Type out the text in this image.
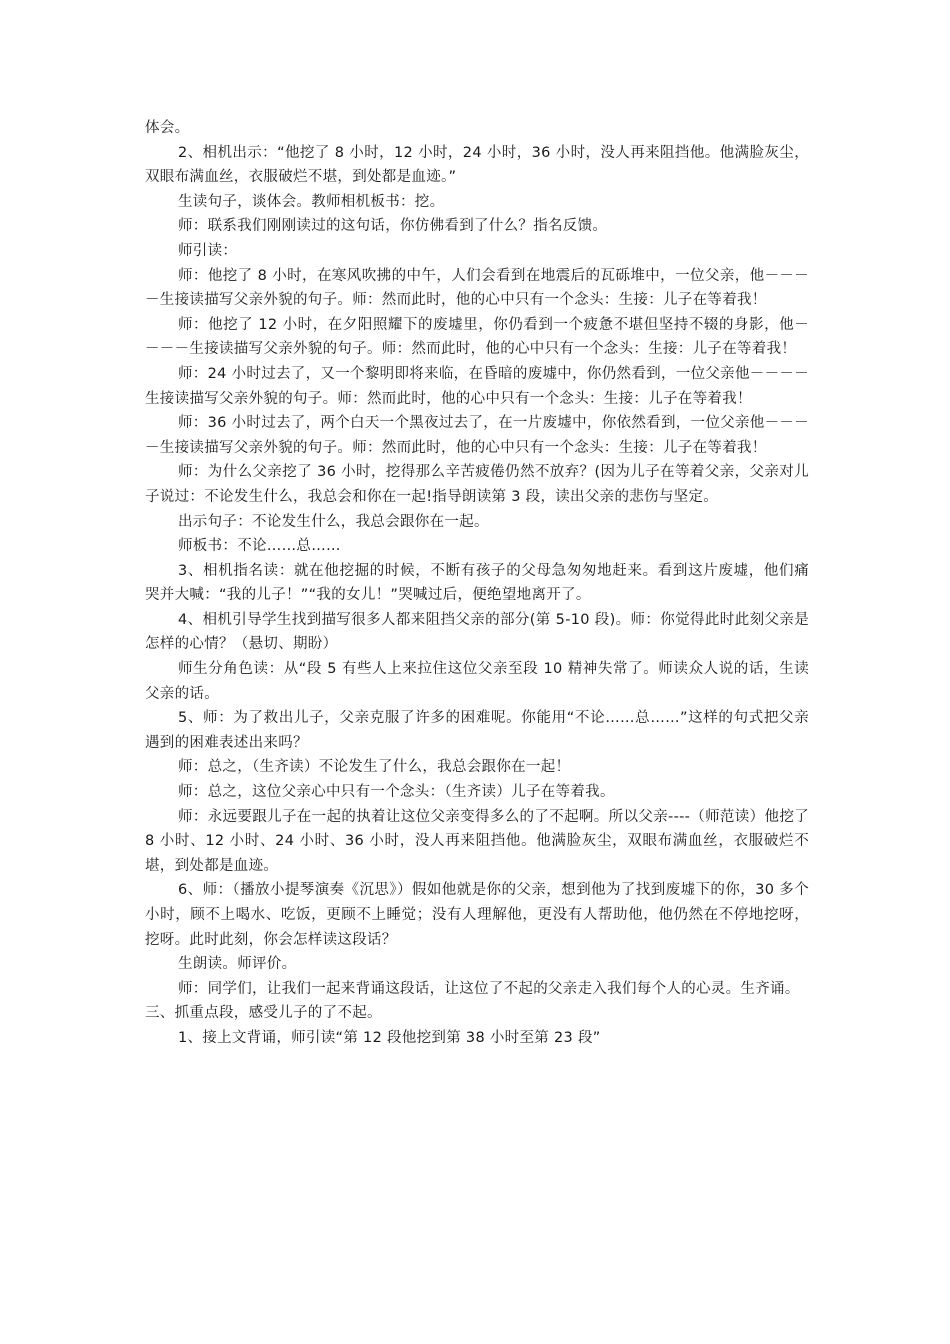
体会。

2、相机出示：“他挖了 8 小时，12 小时，24 小时，36 小时，没人再来阻挡他。他满脸灰尘，双眼布满血丝，衣服破烂不堪，到处都是血迹。”

生读句子，谈体会。教师相机板书：挖。

师：联系我们刚刚读过的这句话，你仿佛看到了什么？指名反馈。

师引读：

师：他挖了 8 小时，在寒风吹拂的中午，人们会看到在地震后的瓦砾堆中，一位父亲，他－－－－生接读描写父亲外貌的句子。师：然而此时，他的心中只有一个念头：生接：儿子在等着我！

师：他挖了 12 小时，在夕阳照耀下的废墟里，你仍看到一个疲惫不堪但坚持不辍的身影，他－－－－生接读描写父亲外貌的句子。师：然而此时，他的心中只有一个念头：生接：儿子在等着我！

师：24 小时过去了，又一个黎明即将来临，在昏暗的废墟中，你仍然看到，一位父亲他－－－－生接读描写父亲外貌的句子。师：然而此时，他的心中只有一个念头：生接：儿子在等着我！

师：36 小时过去了，两个白天一个黑夜过去了，在一片废墟中，你依然看到，一位父亲他－－－－生接读描写父亲外貌的句子。师：然而此时，他的心中只有一个念头：生接：儿子在等着我！

师：为什么父亲挖了 36 小时，挖得那么辛苦疲倦仍然不放弃？(因为儿子在等着父亲，父亲对儿子说过：不论发生什么，我总会和你在一起!指导朗读第 3 段，读出父亲的悲伤与坚定。

出示句子：不论发生什么，我总会跟你在一起。

师板书：不论……总……

3、相机指名读：就在他挖掘的时候，不断有孩子的父母急匆匆地赶来。看到这片废墟，他们痛哭并大喊：“我的儿子！”“我的女儿！”哭喊过后，便绝望地离开了。

4、相机引导学生找到描写很多人都来阻挡父亲的部分(第 5-10 段)。师：你觉得此时此刻父亲是怎样的心情？（悬切、期盼）

师生分角色读：从“段 5 有些人上来拉住这位父亲至段 10 精神失常了。师读众人说的话，生读父亲的话。

5、师：为了救出儿子，父亲克服了许多的困难呢。你能用“不论……总……”这样的句式把父亲遇到的困难表述出来吗？

师：总之，（生齐读）不论发生了什么，我总会跟你在一起！

师：总之，这位父亲心中只有一个念头：（生齐读）儿子在等着我。

师：永远要跟儿子在一起的执着让这位父亲变得多么的了不起啊。所以父亲----（师范读）他挖了 8 小时、12 小时、24 小时、36 小时，没人再来阻挡他。他满脸灰尘，双眼布满血丝，衣服破烂不堪，到处都是血迹。

6、师：（播放小提琴演奏《沉思》）假如他就是你的父亲，想到他为了找到废墟下的你，30 多个小时，顾不上喝水、吃饭，更顾不上睡觉；没有人理解他，更没有人帮助他，他仍然在不停地挖呀，挖呀。此时此刻，你会怎样读这段话？

生朗读。师评价。

师：同学们，让我们一起来背诵这段话，让这位了不起的父亲走入我们每个人的心灵。生齐诵。

三、抓重点段，感受儿子的了不起。

1、接上文背诵，师引读“第 12 段他挖到第 38 小时至第 23 段”
